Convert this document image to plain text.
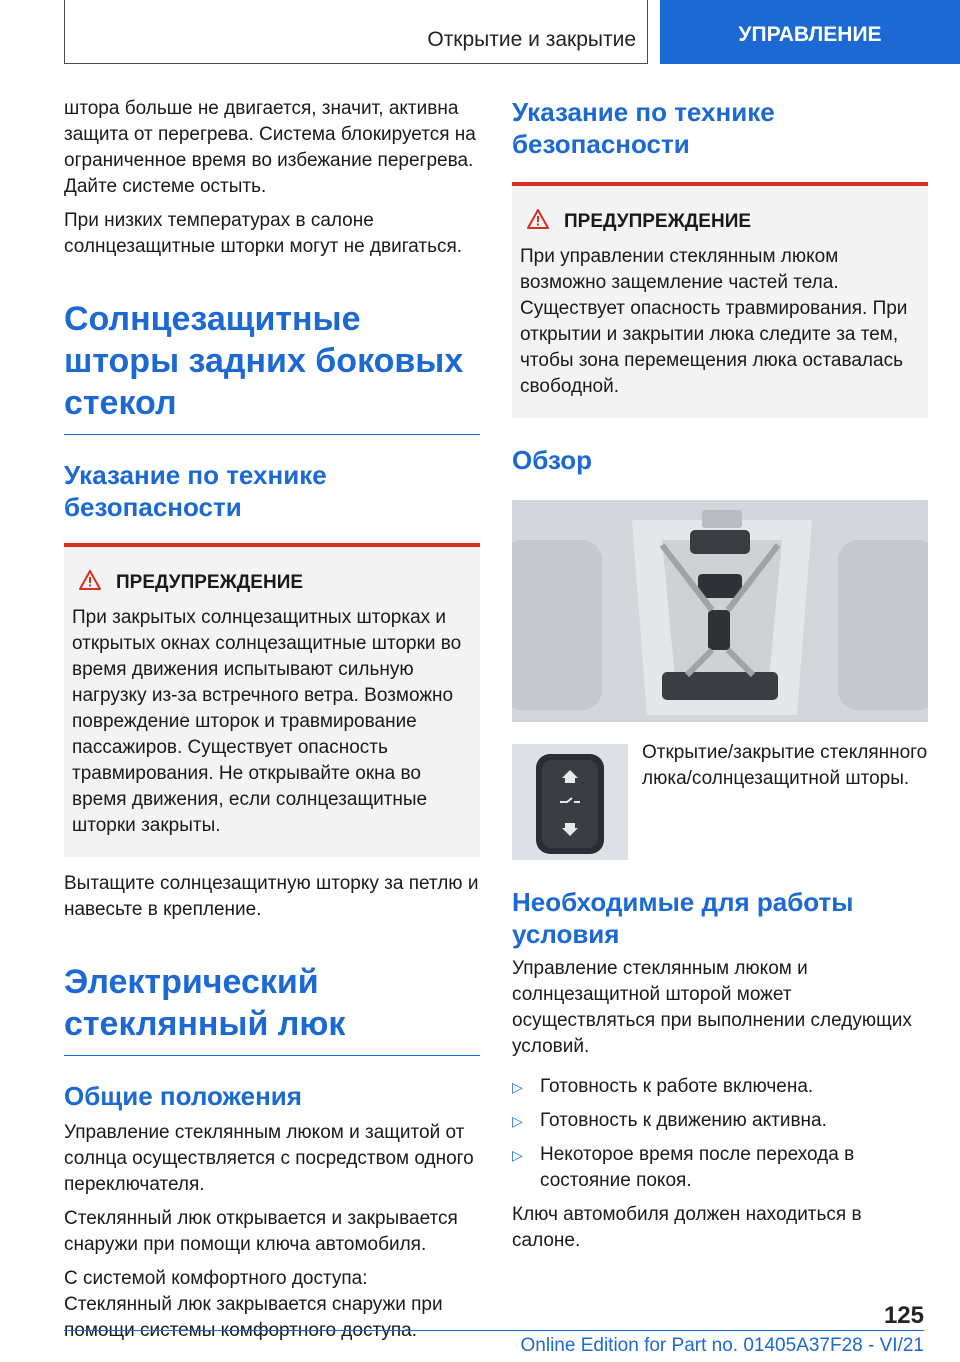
Открытие и закрытие	УПРАВЛЕНИЕ

штора больше не двигается, значит, активна защита от перегрева. Система блокируется на ограниченное время во избежание перегрева. Дайте системе остыть.

При низких температурах в салоне солнцезащитные шторки могут не двигаться.

Солнцезащитные шторы задних боковых стекол
Указание по технике безопасности
ПРЕДУПРЕЖДЕНИЕ

При закрытых солнцезащитных шторках и открытых окнах солнцезащитные шторки во время движения испытывают сильную нагрузку из-за встречного ветра. Возможно повреждение шторок и травмирование пассажиров. Существует опасность травмирования. Не открывайте окна во время движения, если солнцезащитные шторки закрыты.

Вытащите солнцезащитную шторку за петлю и навесьте в крепление.

Электрический стеклянный люк
Общие положения

Управление стеклянным люком и защитой от солнца осуществляется с посредством одного переключателя.

Стеклянный люк открывается и закрывается снаружи при помощи ключа автомобиля.

С системой комфортного доступа: Стеклянный люк закрывается снаружи при помощи системы комфортного доступа.

Указание по технике безопасности
ПРЕДУПРЕЖДЕНИЕ

При управлении стеклянным люком возможно защемление частей тела. Существует опасность травмирования. При открытии и закрытии люка следите за тем, чтобы зона перемещения люка оставалась свободной.

Обзор

Открытие/закрытие стеклянного люка/солнцезащитной шторы.

Необходимые для работы условия

Управление стеклянным люком и солнцезащитной шторой может осуществляться при выполнении следующих условий.

▷ Готовность к работе включена.
▷ Готовность к движению активна.
▷ Некоторое время после перехода в состояние покоя.

Ключ автомобиля должен находиться в салоне.

125
Online Edition for Part no. 01405A37F28 - VI/21
